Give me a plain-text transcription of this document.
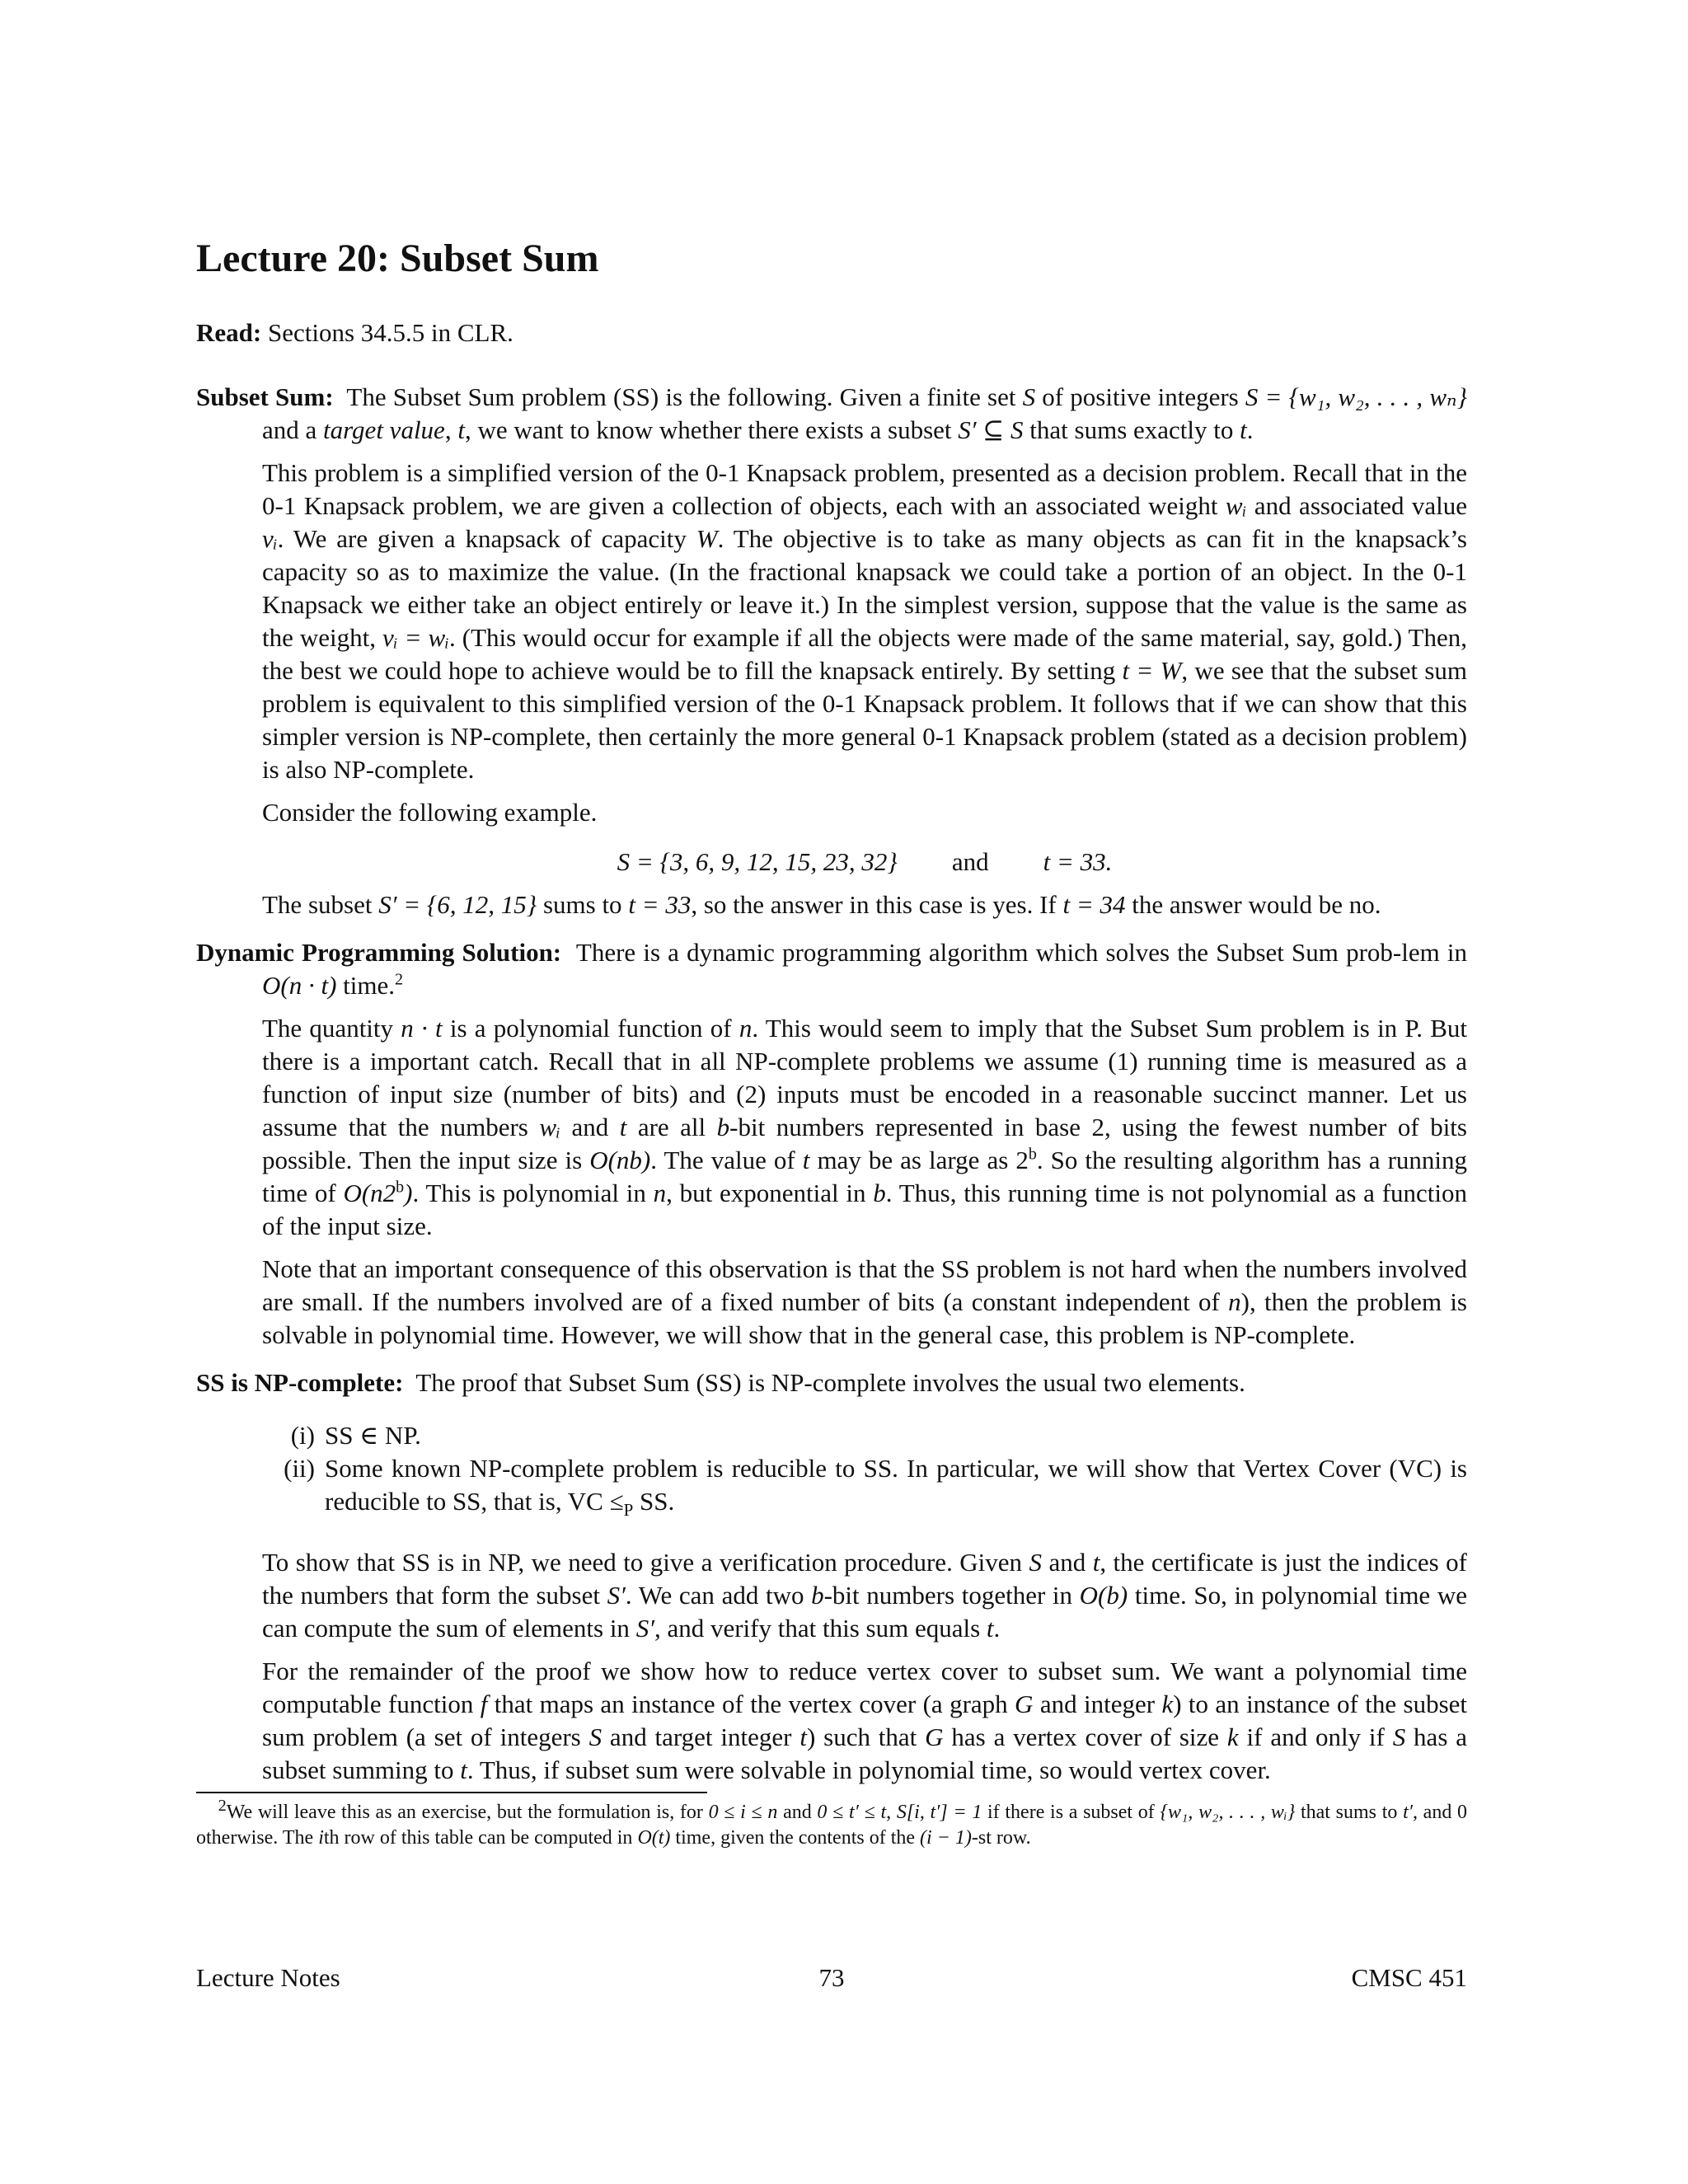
Lecture 20: Subset Sum

Read: Sections 34.5.5 in CLR.

Subset Sum: The Subset Sum problem (SS) is the following. Given a finite set S of positive integers S = {w₁, w₂, . . . , wₙ} and a target value, t, we want to know whether there exists a subset S′ ⊆ S that sums exactly to t.

This problem is a simplified version of the 0-1 Knapsack problem, presented as a decision problem. Recall that in the 0-1 Knapsack problem, we are given a collection of objects, each with an associated weight wᵢ and associated value vᵢ. We are given a knapsack of capacity W. The objective is to take as many objects as can fit in the knapsack’s capacity so as to maximize the value. (In the fractional knapsack we could take a portion of an object. In the 0-1 Knapsack we either take an object entirely or leave it.) In the simplest version, suppose that the value is the same as the weight, vᵢ = wᵢ. (This would occur for example if all the objects were made of the same material, say, gold.) Then, the best we could hope to achieve would be to fill the knapsack entirely. By setting t = W, we see that the subset sum problem is equivalent to this simplified version of the 0-1 Knapsack problem. It follows that if we can show that this simpler version is NP-complete, then certainly the more general 0-1 Knapsack problem (stated as a decision problem) is also NP-complete.

Consider the following example.

S = {3, 6, 9, 12, 15, 23, 32} and t = 33.

The subset S′ = {6, 12, 15} sums to t = 33, so the answer in this case is yes. If t = 34 the answer would be no.

Dynamic Programming Solution: There is a dynamic programming algorithm which solves the Subset Sum prob-lem in O(n · t) time.$^2$

The quantity n · t is a polynomial function of n. This would seem to imply that the Subset Sum problem is in P. But there is a important catch. Recall that in all NP-complete problems we assume (1) running time is measured as a function of input size (number of bits) and (2) inputs must be encoded in a reasonable succinct manner. Let us assume that the numbers wᵢ and t are all b-bit numbers represented in base 2, using the fewest number of bits possible. Then the input size is O(nb). The value of t may be as large as 2$^b$. So the resulting algorithm has a running time of O(n2$^b$). This is polynomial in n, but exponential in b. Thus, this running time is not polynomial as a function of the input size.

Note that an important consequence of this observation is that the SS problem is not hard when the numbers involved are small. If the numbers involved are of a fixed number of bits (a constant independent of n), then the problem is solvable in polynomial time. However, we will show that in the general case, this problem is NP-complete.

SS is NP-complete: The proof that Subset Sum (SS) is NP-complete involves the usual two elements.

(i) SS ∈ NP.
(ii) Some known NP-complete problem is reducible to SS. In particular, we will show that Vertex Cover (VC) is reducible to SS, that is, VC $\le_P$ SS.

To show that SS is in NP, we need to give a verification procedure. Given S and t, the certificate is just the indices of the numbers that form the subset S′. We can add two b-bit numbers together in O(b) time. So, in polynomial time we can compute the sum of elements in S′, and verify that this sum equals t.

For the remainder of the proof we show how to reduce vertex cover to subset sum. We want a polynomial time computable function f that maps an instance of the vertex cover (a graph G and integer k) to an instance of the subset sum problem (a set of integers S and target integer t) such that G has a vertex cover of size k if and only if S has a subset summing to t. Thus, if subset sum were solvable in polynomial time, so would vertex cover.

$^2$We will leave this as an exercise, but the formulation is, for 0 ≤ i ≤ n and 0 ≤ t′ ≤ t, S[i, t′] = 1 if there is a subset of {w₁, w₂, . . . , wᵢ} that sums to t′, and 0 otherwise. The ith row of this table can be computed in O(t) time, given the contents of the (i − 1)-st row.

Lecture Notes	73	CMSC 451
